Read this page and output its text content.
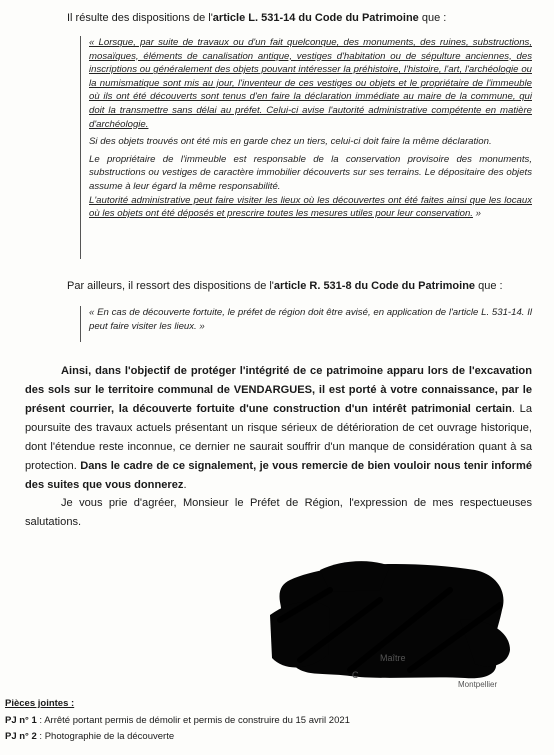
Il résulte des dispositions de l'article L. 531-14 du Code du Patrimoine que :

« Lorsque, par suite de travaux ou d'un fait quelconque, des monuments, des ruines, substructions, mosaïques, éléments de canalisation antique, vestiges d'habitation ou de sépulture anciennes, des inscriptions ou généralement des objets pouvant intéresser la préhistoire, l'histoire, l'art, l'archéologie ou la numismatique sont mis au jour, l'inventeur de ces vestiges ou objets et le propriétaire de l'immeuble où ils ont été découverts sont tenus d'en faire la déclaration immédiate au maire de la commune, qui doit la transmettre sans délai au préfet. Celui-ci avise l'autorité administrative compétente en matière d'archéologie.

Si des objets trouvés ont été mis en garde chez un tiers, celui-ci doit faire la même déclaration.

Le propriétaire de l'immeuble est responsable de la conservation provisoire des monuments, substructions ou vestiges de caractère immobilier découverts sur ses terrains. Le dépositaire des objets assume à leur égard la même responsabilité.
L'autorité administrative peut faire visiter les lieux où les découvertes ont été faites ainsi que les locaux où les objets ont été déposés et prescrire toutes les mesures utiles pour leur conservation. »

Par ailleurs, il ressort des dispositions de l'article R. 531-8 du Code du Patrimoine que :

« En cas de découverte fortuite, le préfet de région doit être avisé, en application de l'article L. 531-14. Il peut faire visiter les lieux. »

Ainsi, dans l'objectif de protéger l'intégrité de ce patrimoine apparu lors de l'excavation des sols sur le territoire communal de VENDARGUES, il est porté à votre connaissance, par le présent courrier, la découverte fortuite d'une construction d'un intérêt patrimonial certain. La poursuite des travaux actuels présentant un risque sérieux de détérioration de cet ouvrage historique, dont l'étendue reste inconnue, ce dernier ne saurait souffrir d'un manque de considération quant à sa protection. Dans le cadre de ce signalement, je vous remercie de bien vouloir nous tenir informé des suites que vous donnerez.

Je vous prie d'agréer, Monsieur le Préfet de Région, l'expression de mes respectueuses salutations.

Maître
C
Montpellier

Pièces jointes :

PJ n° 1 : Arrêté portant permis de démolir et permis de construire du 15 avril 2021

PJ n° 2 : Photographie de la découverte
